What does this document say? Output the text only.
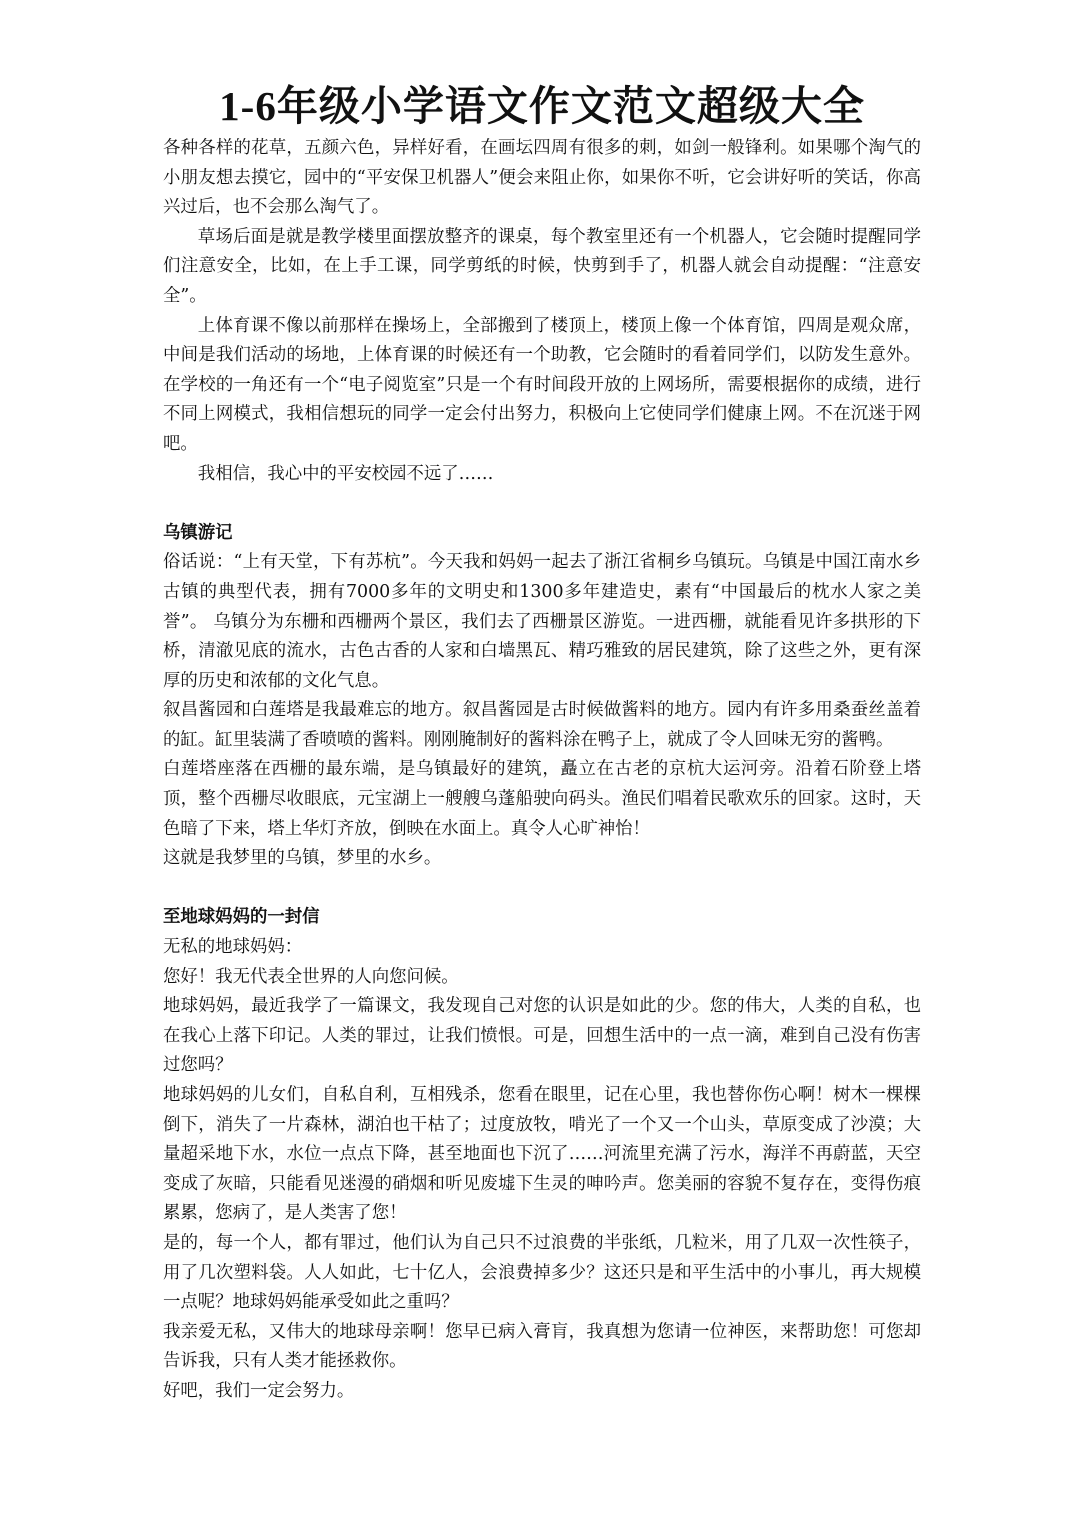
1-6年级小学语文作文范文超级大全

各种各样的花草，五颜六色，异样好看，在画坛四周有很多的刺，如剑一般锋利。如果哪个淘气的小朋友想去摸它，园中的“平安保卫机器人”便会来阻止你，如果你不听，它会讲好听的笑话，你高兴过后，也不会那么淘气了。

草场后面是就是教学楼里面摆放整齐的课桌，每个教室里还有一个机器人，它会随时提醒同学们注意安全，比如，在上手工课，同学剪纸的时候，快剪到手了，机器人就会自动提醒：“注意安全”。

上体育课不像以前那样在操场上，全部搬到了楼顶上，楼顶上像一个体育馆，四周是观众席，中间是我们活动的场地，上体育课的时候还有一个助教，它会随时的看着同学们，以防发生意外。在学校的一角还有一个“电子阅览室”只是一个有时间段开放的上网场所，需要根据你的成绩，进行不同上网模式，我相信想玩的同学一定会付出努力，积极向上它使同学们健康上网。不在沉迷于网吧。

我相信，我心中的平安校园不远了……

乌镇游记

俗话说：“上有天堂，下有苏杭”。今天我和妈妈一起去了浙江省桐乡乌镇玩。乌镇是中国江南水乡古镇的典型代表，拥有7000多年的文明史和1300多年建造史，素有“中国最后的枕水人家之美誉”。 乌镇分为东栅和西栅两个景区，我们去了西栅景区游览。一进西栅，就能看见许多拱形的下桥，清澈见底的流水，古色古香的人家和白墙黑瓦、精巧雅致的居民建筑，除了这些之外，更有深厚的历史和浓郁的文化气息。

叙昌酱园和白莲塔是我最难忘的地方。叙昌酱园是古时候做酱料的地方。园内有许多用桑蚕丝盖着的缸。缸里装满了香喷喷的酱料。刚刚腌制好的酱料涂在鸭子上，就成了令人回味无穷的酱鸭。

白莲塔座落在西栅的最东端，是乌镇最好的建筑，矗立在古老的京杭大运河旁。沿着石阶登上塔顶，整个西栅尽收眼底，元宝湖上一艘艘乌蓬船驶向码头。渔民们唱着民歌欢乐的回家。这时，天色暗了下来，塔上华灯齐放，倒映在水面上。真令人心旷神怡！

这就是我梦里的乌镇，梦里的水乡。

至地球妈妈的一封信

无私的地球妈妈：

您好！我无代表全世界的人向您问候。

地球妈妈，最近我学了一篇课文，我发现自己对您的认识是如此的少。您的伟大，人类的自私，也在我心上落下印记。人类的罪过，让我们愤恨。可是，回想生活中的一点一滴，难到自己没有伤害过您吗？

地球妈妈的儿女们，自私自利，互相残杀，您看在眼里，记在心里，我也替你伤心啊！树木一棵棵倒下，消失了一片森林，湖泊也干枯了；过度放牧，啃光了一个又一个山头，草原变成了沙漠；大量超采地下水，水位一点点下降，甚至地面也下沉了……河流里充满了污水，海洋不再蔚蓝，天空变成了灰暗，只能看见迷漫的硝烟和听见废墟下生灵的呻吟声。您美丽的容貌不复存在，变得伤痕累累，您病了，是人类害了您！

是的，每一个人，都有罪过，他们认为自己只不过浪费的半张纸，几粒米，用了几双一次性筷子，用了几次塑料袋。人人如此，七十亿人，会浪费掉多少？这还只是和平生活中的小事儿，再大规模一点呢？地球妈妈能承受如此之重吗？

我亲爱无私，又伟大的地球母亲啊！您早已病入膏肓，我真想为您请一位神医，来帮助您！可您却告诉我，只有人类才能拯救你。

好吧，我们一定会努力。
